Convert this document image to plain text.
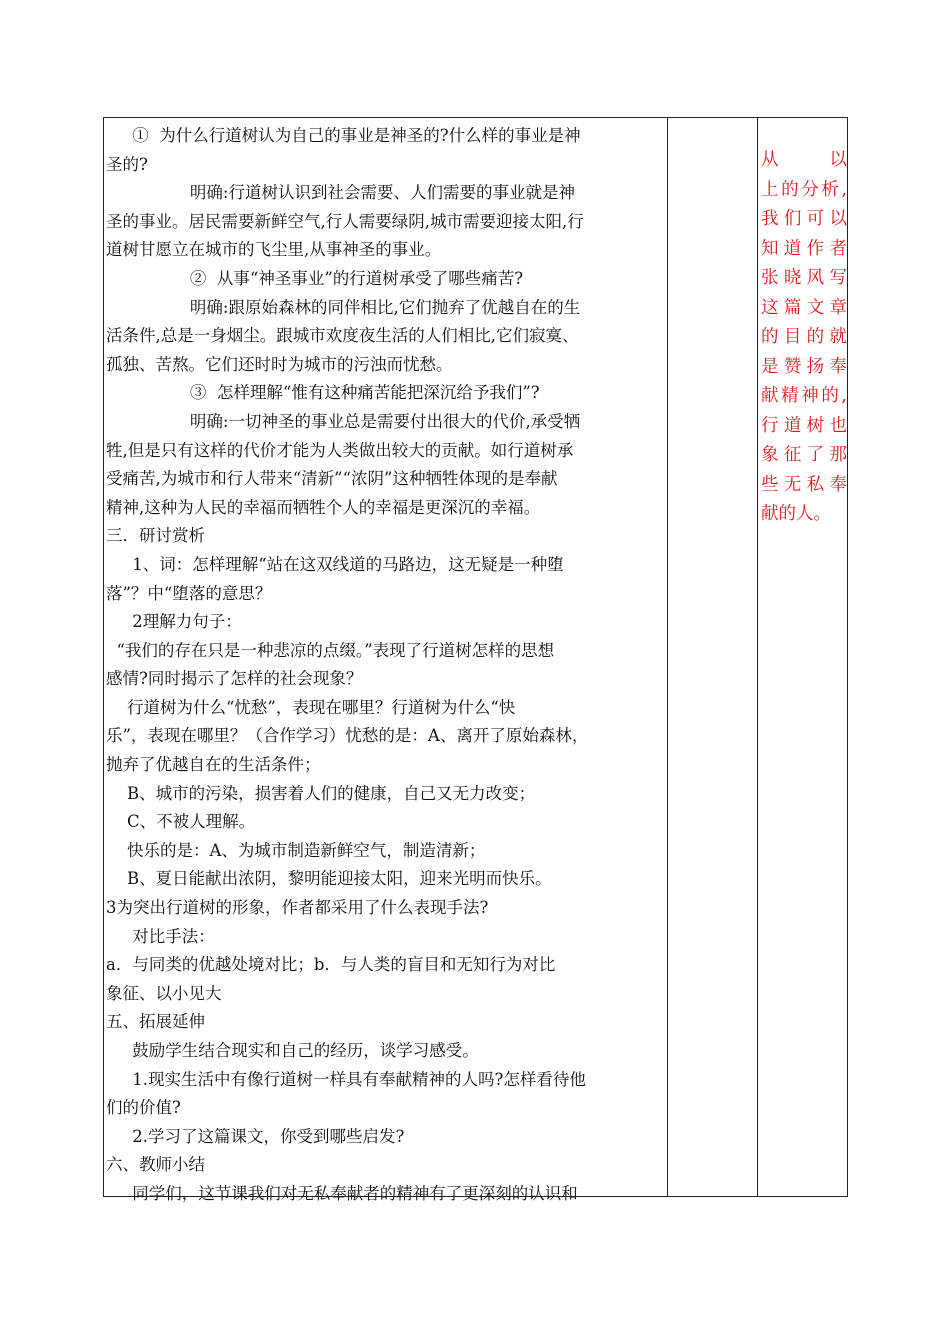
①  为什么行道树认为自己的事业是神圣的?什么样的事业是神

圣的?

明确:行道树认识到社会需要、人们需要的事业就是神

圣的事业。居民需要新鲜空气,行人需要绿阴,城市需要迎接太阳,行

道树甘愿立在城市的飞尘里,从事神圣的事业。

②  从事“神圣事业”的行道树承受了哪些痛苦?

明确:跟原始森林的同伴相比,它们抛弃了优越自在的生

活条件,总是一身烟尘。跟城市欢度夜生活的人们相比,它们寂寞、

孤独、苦熬。它们还时时为城市的污浊而忧愁。

③  怎样理解“惟有这种痛苦能把深沉给予我们”?

明确:一切神圣的事业总是需要付出很大的代价,承受牺

牲,但是只有这样的代价才能为人类做出较大的贡献。如行道树承

受痛苦,为城市和行人带来“清新”“浓阴”这种牺牲体现的是奉献

精神,这种为人民的幸福而牺牲个人的幸福是更深沉的幸福。

三．研讨赏析

1、词：怎样理解“站在这双线道的马路边，这无疑是一种堕

落”？中“堕落的意思？

2理解力句子：

“我们的存在只是一种悲凉的点缀。”表现了行道树怎样的思想

感情?同时揭示了怎样的社会现象？

行道树为什么“忧愁”，表现在哪里？行道树为什么“快

乐”，表现在哪里？（合作学习）忧愁的是：A、离开了原始森林，

抛弃了优越自在的生活条件；

B、城市的污染，损害着人们的健康，自己又无力改变；

C、不被人理解。

快乐的是：A、为城市制造新鲜空气，制造清新；

B、夏日能献出浓阴，黎明能迎接太阳，迎来光明而快乐。

3为突出行道树的形象，作者都采用了什么表现手法?

对比手法：

a．与同类的优越处境对比；b．与人类的盲目和无知行为对比

象征、以小见大

五、拓展延伸

鼓励学生结合现实和自己的经历，谈学习感受。

1.现实生活中有像行道树一样具有奉献精神的人吗?怎样看待他

们的价值?

2.学习了这篇课文，你受到哪些启发?

六、教师小结

同学们，这节课我们对无私奉献者的精神有了更深刻的认识和

从 以

上的分析,

我们可以

知道作者

张晓风写

这篇文章

的目的就

是赞扬奉

献精神的,

行道树也

象征了那

些无私奉

献的人。
